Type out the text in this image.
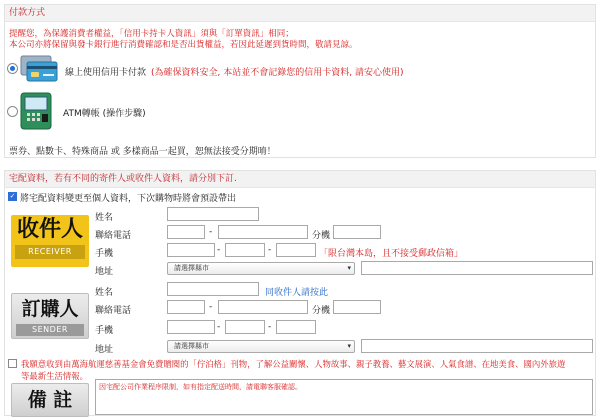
付款方式
提醒您，為保護消費者權益，「信用卡持卡人資訊」須與「訂單資訊」相同；
本公司亦將保留與發卡銀行進行消費確認和是否出貨權益，若因此延遲到貨時間，敬請見諒。
線上使用信用卡付款 (為確保資料安全, 本站並不會記錄您的信用卡資料, 請安心使用)
ATM轉帳 (操作步驟)
票券、點數卡、特殊商品 或 多樣商品一起買，恕無法接受分期唷！
宅配資料，若有不同的寄件人或收件人資料，請分別下訂.
✓ 將宅配資料變更至個人資料，下次購物時將會預設帶出
收件人
RECEIVER
姓名
聯絡電話	-	分機
手機	-	-	「限台灣本島，且不接受郵政信箱」
地址	請選擇縣市	▾
訂購人
SENDER
姓名	同收件人請按此
聯絡電話	-	分機
手機	-	-
地址	請選擇縣市	▾
我願意收到由萬海航運慈善基金會免費贈閱的「佇泊格」刊物，了解公益關懷、人物故事、親子教養、藝文展演、人氣食譜、在地美食、國內外旅遊
等最新生活情報。
備 註
因宅配公司作業程序限制，如有指定配送時間，請電聯客服確認。
